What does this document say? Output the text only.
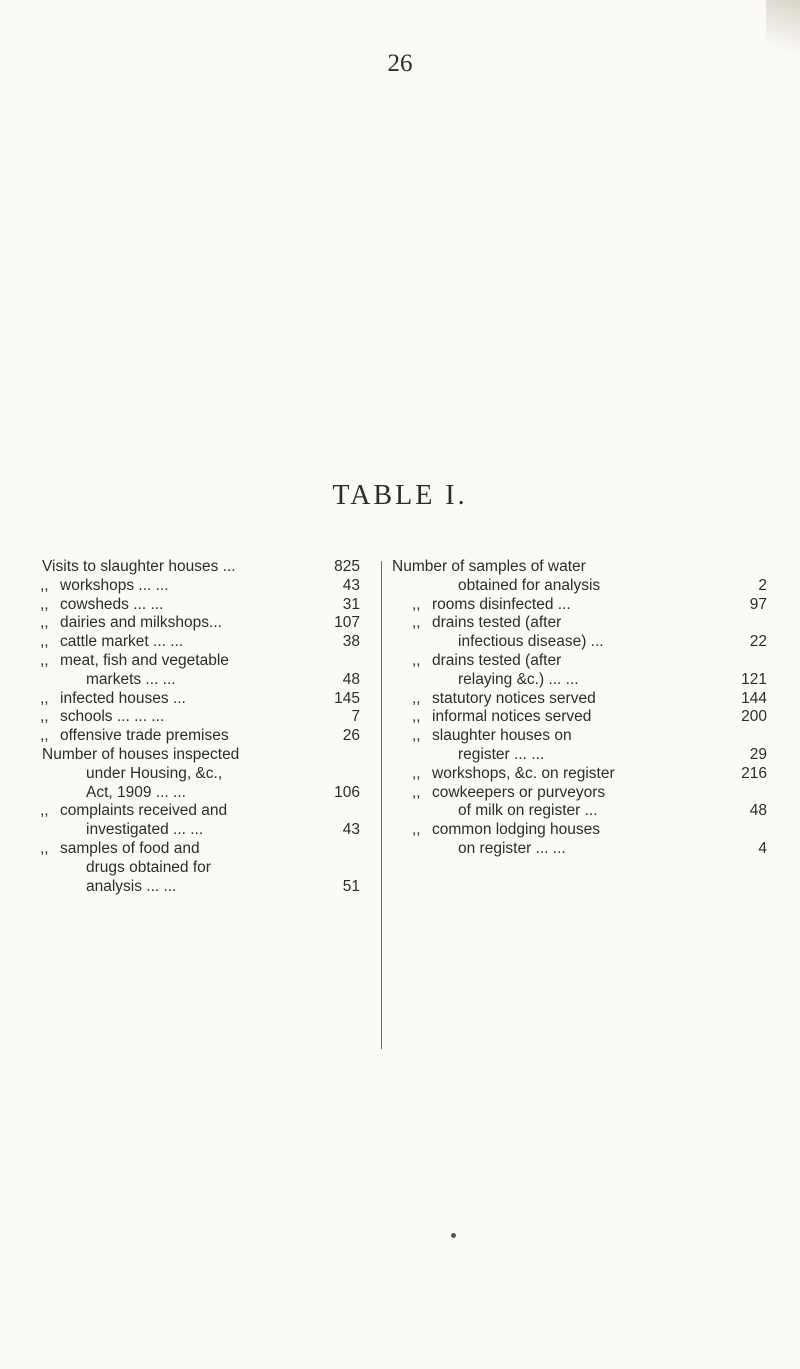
26
TABLE I.
Visits to slaughter houses ...	825
,, workshops ... ...	43
,, cowsheds ... ...	31
,, dairies and milkshops...	107
,, cattle market ... ...	38
,, meat, fish and vegetable
markets ... ...	48
,, infected houses ...	145
,, schools ... ... ...	7
,, offensive trade premises	26
Number of houses inspected
under Housing, &c.,
Act, 1909 ... ...	106
,, complaints received and
investigated ... ...	43
,, samples of food and
drugs obtained for
analysis ... ...	51
Number of samples of water
obtained for analysis	2
,, rooms disinfected ...	97
,, drains tested (after
infectious disease) ...	22
,, drains tested (after
relaying &c.) ... ...	121
,, statutory notices served	144
,, informal notices served	200
,, slaughter houses on
register ... ...	29
,, workshops, &c. on register	216
,, cowkeepers or purveyors
of milk on register ...	48
,, common lodging houses
on register ... ...	4
